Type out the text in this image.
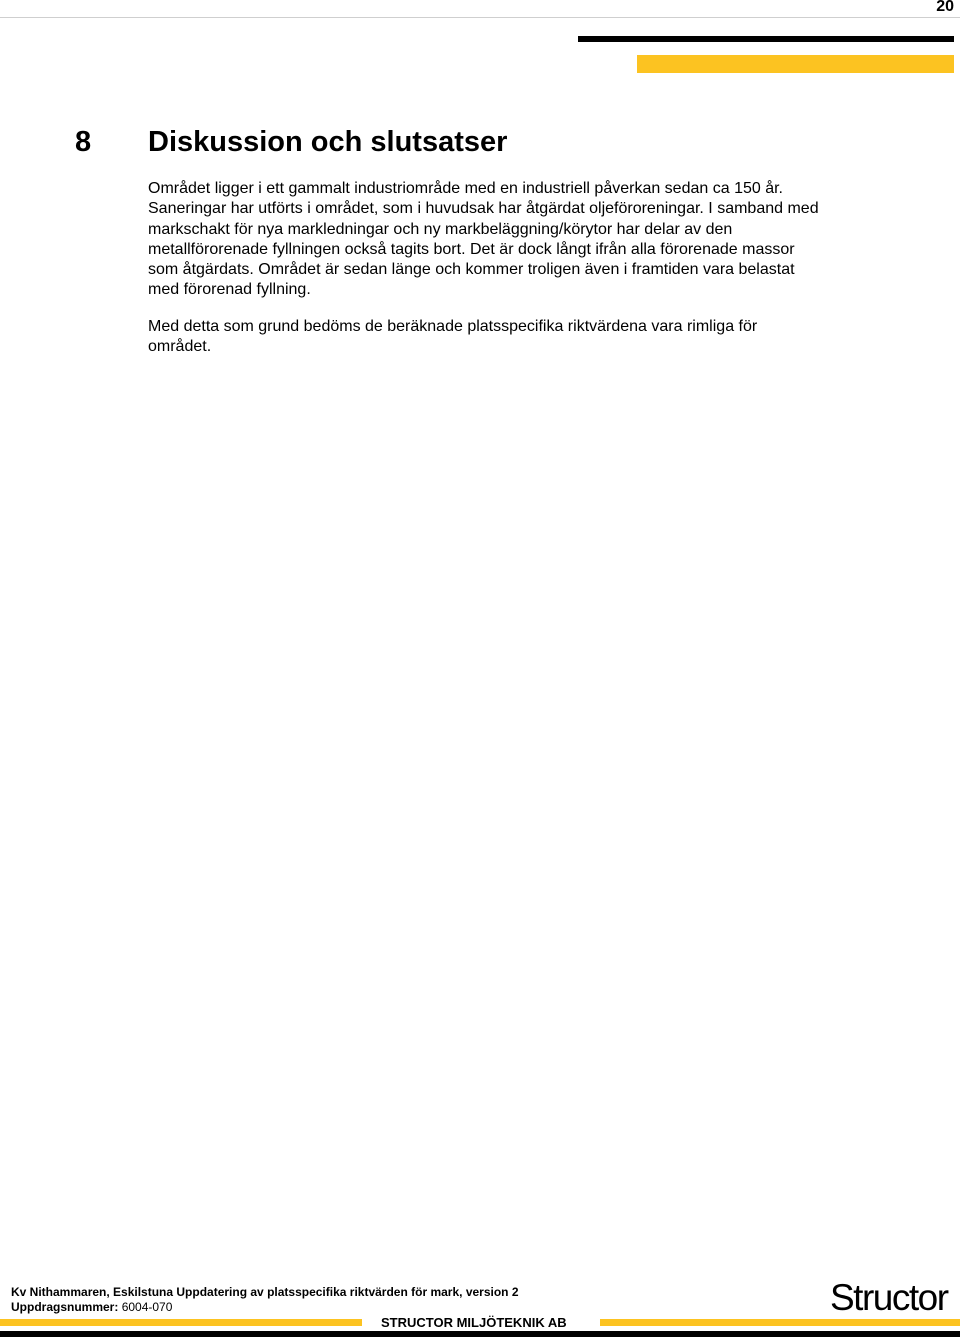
20
8 Diskussion och slutsatser

Området ligger i ett gammalt industriområde med en industriell påverkan sedan ca 150 år. Saneringar har utförts i området, som i huvudsak har åtgärdat oljeföroreningar. I samband med markschakt för nya markledningar och ny markbeläggning/körytor har delar av den metallförorenade fyllningen också tagits bort. Det är dock långt ifrån alla förorenade massor som åtgärdats. Området är sedan länge och kommer troligen även i framtiden vara belastat med förorenad fyllning.

Med detta som grund bedöms de beräknade platsspecifika riktvärdena vara rimliga för området.

Kv Nithammaren, Eskilstuna Uppdatering av platsspecifika riktvärden för mark, version 2
Uppdragsnummer: 6004-070
STRUCTOR MILJÖTEKNIK AB
Structor
